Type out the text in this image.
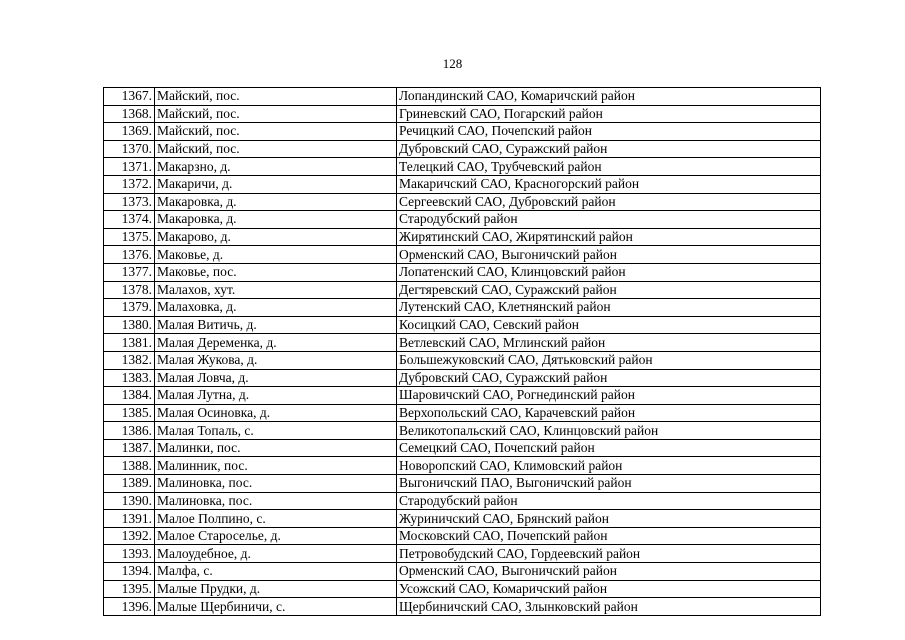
128
1367.	Майский, пос.	Лопандинский САО, Комаричский район
1368.	Майский, пос.	Гриневский САО, Погарский район
1369.	Майский, пос.	Речицкий САО, Почепский район
1370.	Майский, пос.	Дубровский САО, Суражский район
1371.	Макарзно, д.	Телецкий САО, Трубчевский район
1372.	Макаричи, д.	Макаричский САО, Красногорский район
1373.	Макаровка, д.	Сергеевский САО, Дубровский район
1374.	Макаровка, д.	Стародубский район
1375.	Макарово, д.	Жирятинский САО, Жирятинский район
1376.	Маковье, д.	Орменский САО, Выгоничский район
1377.	Маковье, пос.	Лопатенский САО, Клинцовский район
1378.	Малахов, хут.	Дегтяревский САО, Суражский район
1379.	Малаховка, д.	Лутенский САО, Клетнянский район
1380.	Малая Витичь, д.	Косицкий САО, Севский район
1381.	Малая Деременка, д.	Ветлевский САО, Мглинский район
1382.	Малая Жукова, д.	Большежуковский САО, Дятьковский район
1383.	Малая Ловча, д.	Дубровский САО, Суражский район
1384.	Малая Лутна, д.	Шаровичский САО, Рогнединский район
1385.	Малая Осиновка, д.	Верхопольский САО, Карачевский район
1386.	Малая Топаль, с.	Великотопальский САО, Клинцовский район
1387.	Малинки, пос.	Семецкий САО, Почепский район
1388.	Малинник, пос.	Новоропский САО, Климовский район
1389.	Малиновка, пос.	Выгоничский ПАО, Выгоничский район
1390.	Малиновка, пос.	Стародубский район
1391.	Малое Полпино, с.	Журиничский САО, Брянский район
1392.	Малое Староселье, д.	Московский САО, Почепский район
1393.	Малоудебное, д.	Петровобудский САО, Гордеевский район
1394.	Малфа, с.	Орменский САО, Выгоничский район
1395.	Малые Прудки, д.	Усожский САО, Комаричский район
1396.	Малые Щербиничи, с.	Щербиничский САО, Злынковский район
